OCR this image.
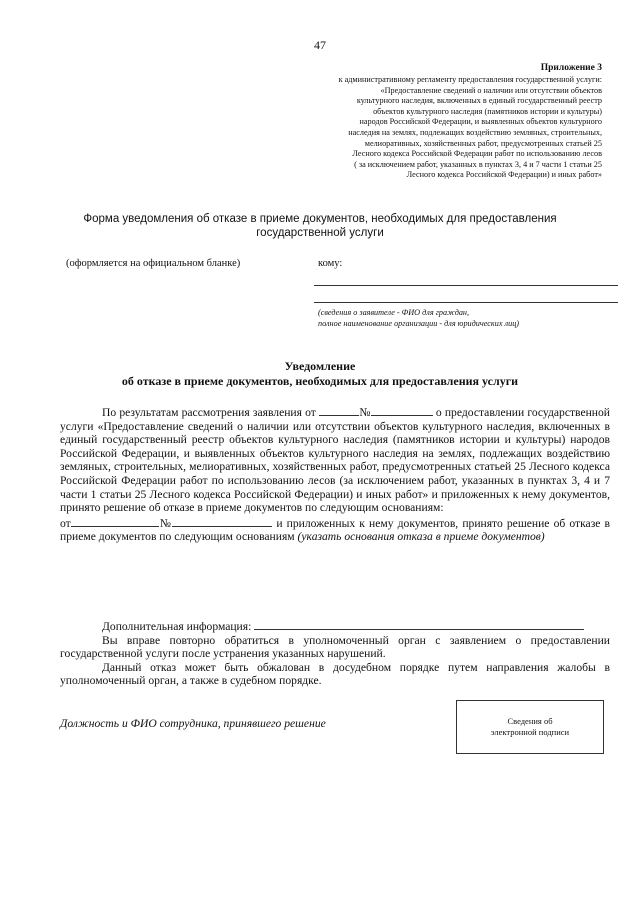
47
Приложение 3
к административному регламенту предоставления государственной услуги:
«Предоставление сведений о наличии или отсутствии объектов
культурного наследия, включенных в единый государственный реестр
объектов культурного наследия (памятников истории и культуры)
народов Российской Федерации, и выявленных объектов культурного
наследия на землях, подлежащих воздействию земляных, строительных,
мелиоративных, хозяйственных работ, предусмотренных статьей 25
Лесного кодекса Российской Федерации работ по использованию лесов
( за исключением работ, указанных в пунктах 3, 4 и 7 части 1 статьи 25
Лесного кодекса Российской Федерации) и иных работ»
Форма уведомления об отказе в приеме документов, необходимых для предоставления государственной услуги
(оформляется на официальном бланке)	кому:
(сведения о заявителе - ФИО для граждан,
полное наименование организации - для юридических лиц)
Уведомление
об отказе в приеме документов, необходимых для предоставления услуги

По результатам рассмотрения заявления от	№	о предоставлении государственной услуги «Предоставление сведений о наличии или отсутствии объектов культурного наследия, включенных в единый государственный реестр объектов культурного наследия (памятников истории и культуры) народов Российской Федерации, и выявленных объектов культурного наследия на землях, подлежащих воздействию земляных, строительных, мелиоративных, хозяйственных работ, предусмотренных статьей 25 Лесного кодекса Российской Федерации работ по использованию лесов (за исключением работ, указанных в пунктах 3, 4 и 7 части 1 статьи 25 Лесного кодекса Российской Федерации) и иных работ» и приложенных к нему документов, принято решение об отказе в приеме документов по следующим основаниям:

от	№	и приложенных к нему документов, принято решение об отказе в приеме документов по следующим основаниям (указать основания отказа в приеме документов)

Дополнительная информация:

Вы вправе повторно обратиться в уполномоченный орган с заявлением о предоставлении государственной услуги после устранения указанных нарушений.

Данный отказ может быть обжалован в досудебном порядке путем направления жалобы в уполномоченный орган, а также в судебном порядке.

Должность и ФИО сотрудника, принявшего решение	Сведения об
электронной подписи
